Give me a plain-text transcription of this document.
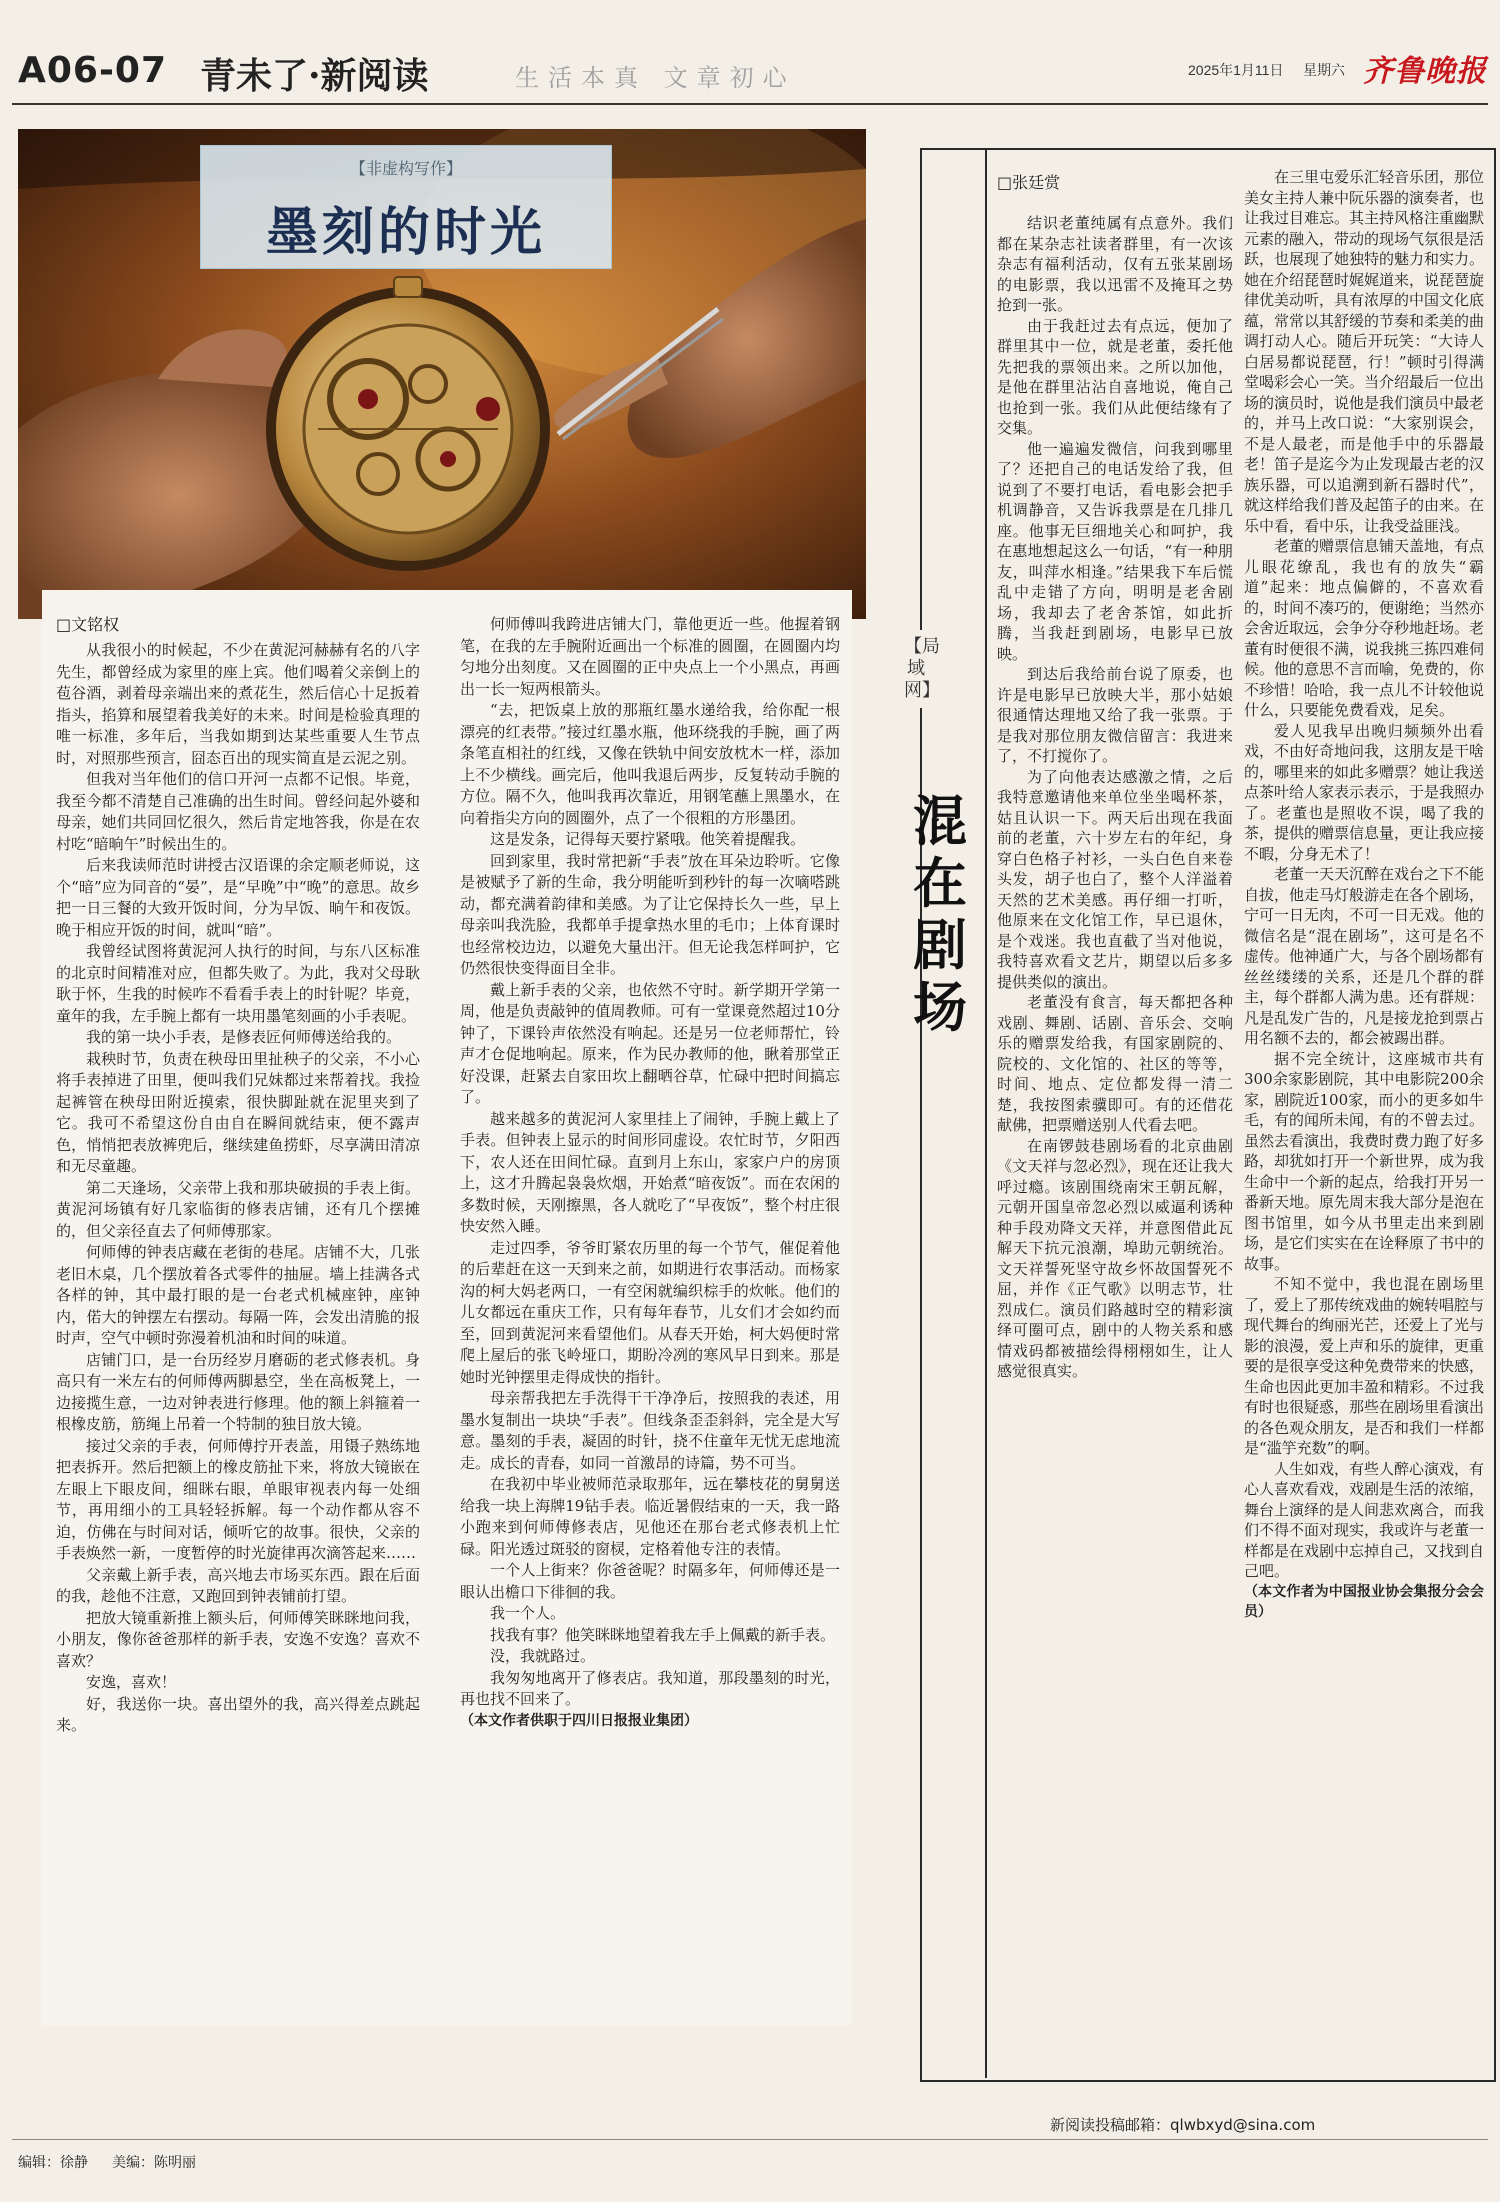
A06-07 青未了·新阅读	生活本真 文章初心	2025年1月11日 星期六 齐鲁晚报
【非虚构写作】
墨刻的时光
□文铭权

从我很小的时候起，不少在黄泥河赫赫有名的八字先生，都曾经成为家里的座上宾。他们喝着父亲倒上的苞谷酒，剥着母亲端出来的煮花生，然后信心十足扳着指头，掐算和展望着我美好的未来。时间是检验真理的唯一标准，多年后，当我如期到达某些重要人生节点时，对照那些预言，囧态百出的现实简直是云泥之别。

但我对当年他们的信口开河一点都不记恨。毕竟，我至今都不清楚自己准确的出生时间。曾经问起外婆和母亲，她们共同回忆很久，然后肯定地答我，你是在农村吃“暗晌午”时候出生的。

后来我读师范时讲授古汉语课的余定顺老师说，这个“暗”应为同音的“晏”，是“早晚”中“晚”的意思。故乡把一日三餐的大致开饭时间，分为早饭、晌午和夜饭。晚于相应开饭的时间，就叫“暗”。

我曾经试图将黄泥河人执行的时间，与东八区标准的北京时间精准对应，但都失败了。为此，我对父母耿耿于怀，生我的时候咋不看看手表上的时针呢？毕竟，童年的我，左手腕上都有一块用墨笔刻画的小手表呢。

我的第一块小手表，是修表匠何师傅送给我的。

栽秧时节，负责在秧母田里扯秧子的父亲，不小心将手表掉进了田里，便叫我们兄妹都过来帮着找。我捡起裤管在秧母田附近摸索，很快脚趾就在泥里夹到了它。我可不希望这份自由自在瞬间就结束，便不露声色，悄悄把表放裤兜后，继续建鱼捞虾，尽享满田清凉和无尽童趣。

第二天逢场，父亲带上我和那块破损的手表上街。黄泥河场镇有好几家临街的修表店铺，还有几个摆摊的，但父亲径直去了何师傅那家。

何师傅的钟表店藏在老街的巷尾。店铺不大，几张老旧木桌，几个摆放着各式零件的抽屉。墙上挂满各式各样的钟，其中最打眼的是一台老式机械座钟，座钟内，偌大的钟摆左右摆动。每隔一阵，会发出清脆的报时声，空气中顿时弥漫着机油和时间的味道。

店铺门口，是一台历经岁月磨砺的老式修表机。身高只有一米左右的何师傅两脚悬空，坐在高板凳上，一边接揽生意，一边对钟表进行修理。他的额上斜箍着一根橡皮筋，筋绳上吊着一个特制的独目放大镜。

接过父亲的手表，何师傅拧开表盖，用镊子熟练地把表拆开。然后把额上的橡皮筋扯下来，将放大镜嵌在左眼上下眼皮间，细眯右眼，单眼审视表内每一处细节，再用细小的工具轻轻拆解。每一个动作都从容不迫，仿佛在与时间对话，倾听它的故事。很快，父亲的手表焕然一新，一度暂停的时光旋律再次滴答起来……

父亲戴上新手表，高兴地去市场买东西。跟在后面的我，趁他不注意，又跑回到钟表铺前打望。

把放大镜重新推上额头后，何师傅笑眯眯地问我，小朋友，像你爸爸那样的新手表，安逸不安逸？喜欢不喜欢？

安逸，喜欢！

好，我送你一块。喜出望外的我，高兴得差点跳起来。

何师傅叫我跨进店铺大门，靠他更近一些。他握着钢笔，在我的左手腕附近画出一个标准的圆圈，在圆圈内均匀地分出刻度。又在圆圈的正中央点上一个小黑点，再画出一长一短两根箭头。

“去，把饭桌上放的那瓶红墨水递给我，给你配一根漂亮的红表带。”接过红墨水瓶，他环绕我的手腕，画了两条笔直相社的红线，又像在铁轨中间安放枕木一样，添加上不少横线。画完后，他叫我退后两步，反复转动手腕的方位。隔不久，他叫我再次靠近，用钢笔蘸上黑墨水，在向着指尖方向的圆圈外，点了一个很粗的方形墨团。

这是发条，记得每天要拧紧哦。他笑着提醒我。

回到家里，我时常把新“手表”放在耳朵边聆听。它像是被赋予了新的生命，我分明能听到秒针的每一次嘀嗒跳动，都充满着韵律和美感。为了让它保持长久一些，早上母亲叫我洗脸，我都单手提拿热水里的毛巾；上体育课时也经常校边边，以避免大量出汗。但无论我怎样呵护，它仍然很快变得面目全非。

戴上新手表的父亲，也依然不守时。新学期开学第一周，他是负责敲钟的值周教师。可有一堂课竟然超过10分钟了，下课铃声依然没有响起。还是另一位老师帮忙，铃声才仓促地响起。原来，作为民办教师的他，瞅着那堂正好没课，赶紧去自家田坎上翻晒谷草，忙碌中把时间搞忘了。

越来越多的黄泥河人家里挂上了闹钟，手腕上戴上了手表。但钟表上显示的时间形同虚设。农忙时节，夕阳西下，农人还在田间忙碌。直到月上东山，家家户户的房顶上，这才升腾起袅袅炊烟，开始煮“暗夜饭”。而在农闲的多数时候，天刚擦黑，各人就吃了“早夜饭”，整个村庄很快安然入睡。

走过四季，爷爷盯紧农历里的每一个节气，催促着他的后辈赶在这一天到来之前，如期进行农事活动。而杨家沟的柯大妈老两口，一有空闲就编织棕手的炊帐。他们的儿女都远在重庆工作，只有每年春节，儿女们才会如约而至，回到黄泥河来看望他们。从春天开始，柯大妈便时常爬上屋后的张飞岭垭口，期盼冷冽的寒风早日到来。那是她时光钟摆里走得成快的指针。

母亲帮我把左手洗得干干净净后，按照我的表述，用墨水复制出一块块“手表”。但线条歪歪斜斜，完全是大写意。墨刻的手表，凝固的时针，挠不住童年无忧无虑地流走。成长的青春，如同一首激昂的诗篇，势不可当。

在我初中毕业被师范录取那年，远在攀枝花的舅舅送给我一块上海牌19钻手表。临近暑假结束的一天，我一路小跑来到何师傅修表店，见他还在那台老式修表机上忙碌。阳光透过斑驳的窗棂，定格着他专注的表情。

一个人上街来？你爸爸呢？时隔多年，何师傅还是一眼认出檐口下徘徊的我。

我一个人。

找我有事？他笑眯眯地望着我左手上佩戴的新手表。

没，我就路过。

我匆匆地离开了修表店。我知道，那段墨刻的时光，再也找不回来了。

（本文作者供职于四川日报报业集团）
【局域网】
混在剧场
□张廷赏

结识老董纯属有点意外。我们都在某杂志社读者群里，有一次该杂志有福利活动，仅有五张某剧场的电影票，我以迅雷不及掩耳之势抢到一张。

由于我赶过去有点远，便加了群里其中一位，就是老董，委托他先把我的票领出来。之所以加他，是他在群里沾沾自喜地说，俺自己也抢到一张。我们从此便结缘有了交集。

他一遍遍发微信，问我到哪里了？还把自己的电话发给了我，但说到了不要打电话，看电影会把手机调静音，又告诉我票是在几排几座。他事无巨细地关心和呵护，我在惠地想起这么一句话，“有一种朋友，叫萍水相逢。”结果我下车后慌乱中走错了方向，明明是老舍剧场，我却去了老舍茶馆，如此折腾，当我赶到剧场，电影早已放映。

到达后我给前台说了原委，也许是电影早已放映大半，那小姑娘很通情达理地又给了我一张票。于是我对那位朋友微信留言：我进来了，不打搅你了。

为了向他表达感激之情，之后我特意邀请他来单位坐坐喝杯茶，姑且认识一下。两天后出现在我面前的老董，六十岁左右的年纪，身穿白色格子衬衫，一头白色自来卷头发，胡子也白了，整个人洋溢着天然的艺术美感。再仔细一打听，他原来在文化馆工作，早已退休，是个戏迷。我也直截了当对他说，我特喜欢看文艺片，期望以后多多提供类似的演出。

老董没有食言，每天都把各种戏剧、舞剧、话剧、音乐会、交响乐的赠票发给我，有国家剧院的、院校的、文化馆的、社区的等等，时间、地点、定位都发得一清二楚，我按图索骥即可。有的还借花献佛，把票赠送别人代看去吧。

在南锣鼓巷剧场看的北京曲剧《文天祥与忽必烈》，现在还让我大呼过瘾。该剧围绕南宋王朝瓦解，元朝开国皇帝忽必烈以威逼利诱种种手段劝降文天祥，并意图借此瓦解天下抗元浪潮，埠助元朝统治。文天祥誓死坚守故乡怀故国誓死不屈，并作《正气歌》以明志节，壮烈成仁。演员们路越时空的精彩演绎可圈可点，剧中的人物关系和感情戏码都被描绘得栩栩如生，让人感觉很真实。

在三里屯爱乐汇轻音乐团，那位美女主持人兼中阮乐器的演奏者，也让我过目难忘。其主持风格注重幽默元素的融入，带动的现场气氛很是活跃，也展现了她独特的魅力和实力。她在介绍琵琶时娓娓道来，说琵琶旋律优美动听，具有浓厚的中国文化底蕴，常常以其舒缓的节奏和柔美的曲调打动人心。随后开玩笑：“大诗人白居易都说琵琶，行！”顿时引得满堂喝彩会心一笑。当介绍最后一位出场的演员时，说他是我们演员中最老的，并马上改口说：“大家别误会，不是人最老，而是他手中的乐器最老！笛子是迄今为止发现最古老的汉族乐器，可以追溯到新石器时代”，就这样给我们普及起笛子的由来。在乐中看，看中乐，让我受益匪浅。

老董的赠票信息铺天盖地，有点儿眼花缭乱，我也有的放失“霸道”起来：地点偏僻的，不喜欢看的，时间不凑巧的，便谢绝；当然亦会舍近取远，会争分夺秒地赶场。老董有时便很不满，说我挑三拣四难伺候。他的意思不言而喻，免费的，你不珍惜！哈哈，我一点儿不计较他说什么，只要能免费看戏，足矣。

爱人见我早出晚归频频外出看戏，不由好奇地问我，这朋友是干啥的，哪里来的如此多赠票？她让我送点茶叶给人家表示表示，于是我照办了。老董也是照收不误，喝了我的茶，提供的赠票信息量，更让我应接不暇，分身无术了！

老董一天天沉醉在戏台之下不能自拔，他走马灯般游走在各个剧场，宁可一日无肉，不可一日无戏。他的微信名是“混在剧场”，这可是名不虚传。他神通广大，与各个剧场都有丝丝缕缕的关系，还是几个群的群主，每个群都人满为患。还有群规：凡是乱发广告的，凡是接龙抢到票占用名额不去的，都会被踢出群。

据不完全统计，这座城市共有300余家影剧院，其中电影院200余家，剧院近100家，而小的更多如牛毛，有的闻所未闻，有的不曾去过。虽然去看演出，我费时费力跑了好多路，却犹如打开一个新世界，成为我生命中一个新的起点，给我打开另一番新天地。原先周末我大部分是泡在图书馆里，如今从书里走出来到剧场，是它们实实在在诠释原了书中的故事。

不知不觉中，我也混在剧场里了，爱上了那传统戏曲的婉转唱腔与现代舞台的绚丽光芒，还爱上了光与影的浪漫，爱上声和乐的旋律，更重要的是很享受这种免费带来的快感，生命也因此更加丰盈和精彩。不过我有时也很疑惑，那些在剧场里看演出的各色观众朋友，是否和我们一样都是“滥竽充数”的啊。

人生如戏，有些人醉心演戏，有心人喜欢看戏，戏剧是生活的浓缩，舞台上演绎的是人间悲欢离合，而我们不得不面对现实，我或许与老董一样都是在戏剧中忘掉自己，又找到自己吧。

（本文作者为中国报业协会集报分会会员）
新阅读投稿邮箱：qlwbxyd@sina.com
编辑：徐静 美编：陈明丽
